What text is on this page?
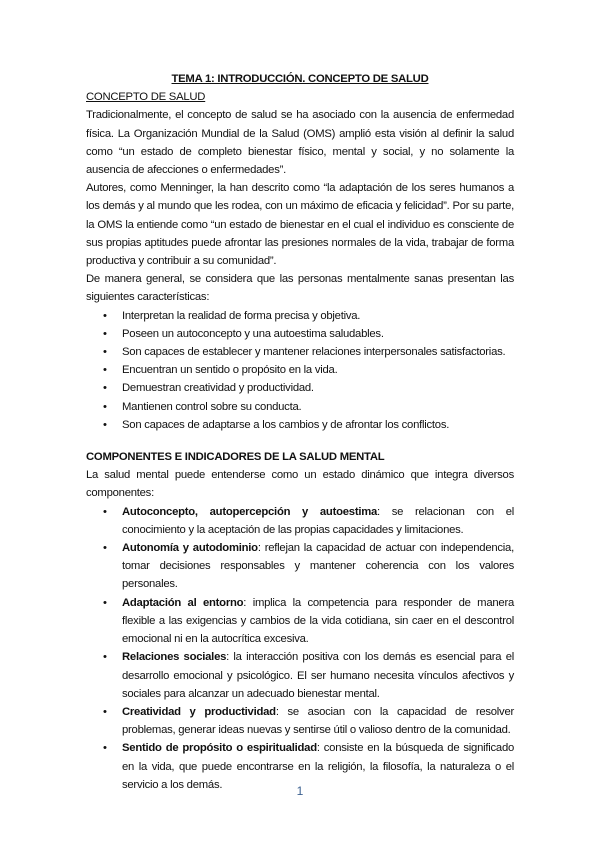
TEMA 1: INTRODUCCIÓN. CONCEPTO DE SALUD
CONCEPTO DE SALUD

Tradicionalmente, el concepto de salud se ha asociado con la ausencia de enfermedad física. La Organización Mundial de la Salud (OMS) amplió esta visión al definir la salud como “un estado de completo bienestar físico, mental y social, y no solamente la ausencia de afecciones o enfermedades”.

Autores, como Menninger, la han descrito como “la adaptación de los seres humanos a los demás y al mundo que les rodea, con un máximo de eficacia y felicidad”. Por su parte, la OMS la entiende como “un estado de bienestar en el cual el individuo es consciente de sus propias aptitudes puede afrontar las presiones normales de la vida, trabajar de forma productiva y contribuir a su comunidad”.

De manera general, se considera que las personas mentalmente sanas presentan las siguientes características:

• Interpretan la realidad de forma precisa y objetiva.
• Poseen un autoconcepto y una autoestima saludables.
• Son capaces de establecer y mantener relaciones interpersonales satisfactorias.
• Encuentran un sentido o propósito en la vida.
• Demuestran creatividad y productividad.
• Mantienen control sobre su conducta.
• Son capaces de adaptarse a los cambios y de afrontar los conflictos.
COMPONENTES E INDICADORES DE LA SALUD MENTAL

La salud mental puede entenderse como un estado dinámico que integra diversos componentes:

• Autoconcepto, autopercepción y autoestima: se relacionan con el conocimiento y la aceptación de las propias capacidades y limitaciones.
• Autonomía y autodominio: reflejan la capacidad de actuar con independencia, tomar decisiones responsables y mantener coherencia con los valores personales.
• Adaptación al entorno: implica la competencia para responder de manera flexible a las exigencias y cambios de la vida cotidiana, sin caer en el descontrol emocional ni en la autocrítica excesiva.
• Relaciones sociales: la interacción positiva con los demás es esencial para el desarrollo emocional y psicológico. El ser humano necesita vínculos afectivos y sociales para alcanzar un adecuado bienestar mental.
• Creatividad y productividad: se asocian con la capacidad de resolver problemas, generar ideas nuevas y sentirse útil o valioso dentro de la comunidad.
• Sentido de propósito o espiritualidad: consiste en la búsqueda de significado en la vida, que puede encontrarse en la religión, la filosofía, la naturaleza o el servicio a los demás.	1
